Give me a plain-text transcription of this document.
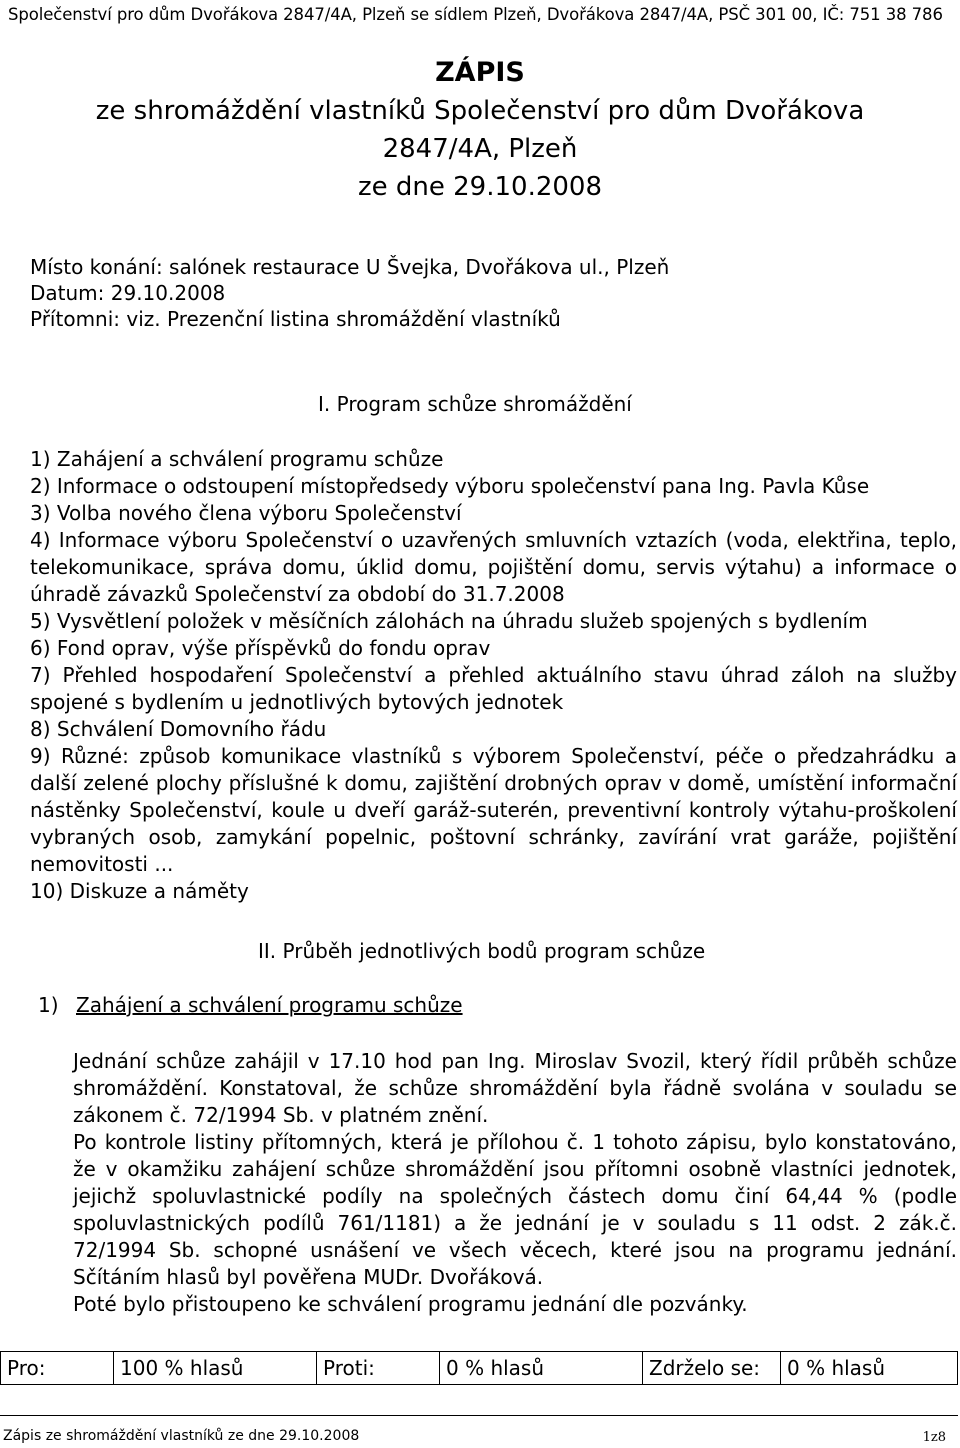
Společenství pro dům Dvořákova 2847/4A, Plzeň se sídlem Plzeň, Dvořákova 2847/4A, PSČ 301 00, IČ: 751 38 786
ZÁPIS
ze shromáždění vlastníků Společenství pro dům Dvořákova
2847/4A, Plzeň
ze dne 29.10.2008
Místo konání: salónek restaurace U Švejka, Dvořákova ul., Plzeň
Datum: 29.10.2008
Přítomni: viz. Prezenční listina shromáždění vlastníků
I. Program schůze shromáždění
1) Zahájení a schválení programu schůze
2) Informace o odstoupení místopředsedy výboru společenství pana Ing. Pavla Kůse
3) Volba nového člena výboru Společenství
4) Informace výboru Společenství o uzavřených smluvních vztazích (voda, elektřina, teplo, telekomunikace, správa domu, úklid domu, pojištění domu, servis výtahu) a informace o úhradě závazků Společenství za období do 31.7.2008
5) Vysvětlení položek v měsíčních zálohách na úhradu služeb spojených s bydlením
6) Fond oprav, výše příspěvků do fondu oprav
7) Přehled hospodaření Společenství a přehled aktuálního stavu úhrad záloh na služby spojené s bydlením u jednotlivých bytových jednotek
8) Schválení Domovního řádu
9) Různé: způsob komunikace vlastníků s výborem Společenství, péče o předzahrádku a další zelené plochy příslušné k domu, zajištění drobných oprav v domě, umístění informační nástěnky Společenství, koule u dveří garáž-suterén, preventivní kontroly výtahu-proškolení vybraných osob, zamykání popelnic, poštovní schránky, zavírání vrat garáže, pojištění nemovitosti ...
10) Diskuze a náměty
II. Průběh jednotlivých bodů program schůze
1) Zahájení a schválení programu schůze

Jednání schůze zahájil v 17.10 hod pan Ing. Miroslav Svozil, který řídil průběh schůze shromáždění. Konstatoval, že schůze shromáždění byla řádně svolána v souladu se zákonem č. 72/1994 Sb. v platném znění.

Po kontrole listiny přítomných, která je přílohou č. 1 tohoto zápisu, bylo konstatováno, že v okamžiku zahájení schůze shromáždění jsou přítomni osobně vlastníci jednotek, jejichž spoluvlastnické podíly na společných částech domu činí 64,44 % (podle spoluvlastnických podílů 761/1181) a že jednání je v souladu s 11 odst. 2 zák.č. 72/1994 Sb. schopné usnášení ve všech věcech, které jsou na programu jednání. Sčítáním hlasů byl pověřena MUDr. Dvořáková.

Poté bylo přistoupeno ke schválení programu jednání dle pozvánky.

Pro:	100 % hlasů	Proti:	0 % hlasů	Zdrželo se:	0 % hlasů
Zápis ze shromáždění vlastníků ze dne 29.10.2008	1z8
